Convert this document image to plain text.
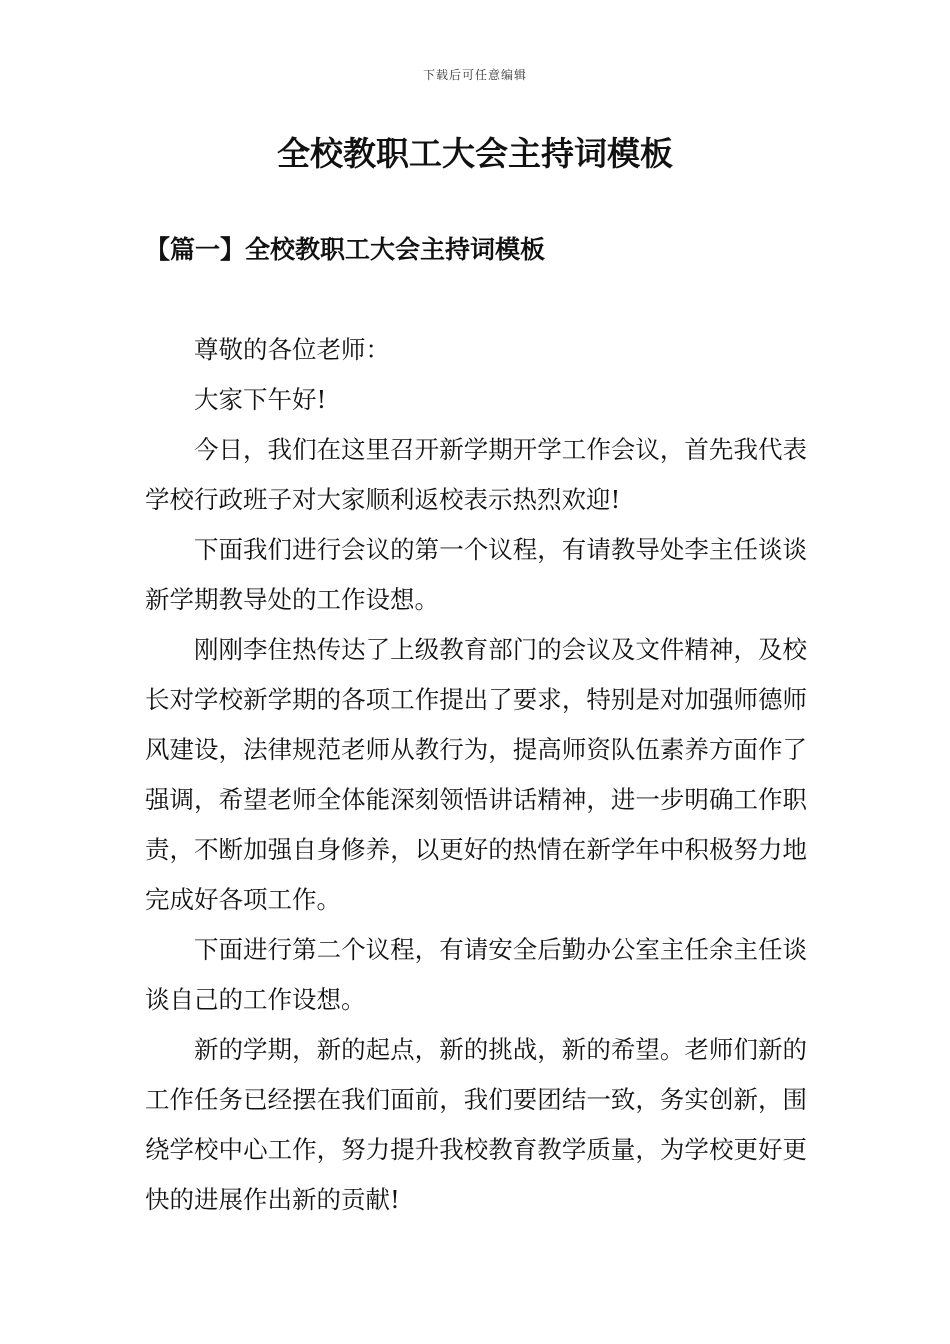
下载后可任意编辑
全校教职工大会主持词模板
【篇一】全校教职工大会主持词模板

尊敬的各位老师：

大家下午好!

今日，我们在这里召开新学期开学工作会议，首先我代表学校行政班子对大家顺利返校表示热烈欢迎!

下面我们进行会议的第一个议程，有请教导处李主任谈谈新学期教导处的工作设想。

刚刚李住热传达了上级教育部门的会议及文件精神，及校长对学校新学期的各项工作提出了要求，特别是对加强师德师风建设，法律规范老师从教行为，提高师资队伍素养方面作了强调，希望老师全体能深刻领悟讲话精神，进一步明确工作职责，不断加强自身修养，以更好的热情在新学年中积极努力地完成好各项工作。

下面进行第二个议程，有请安全后勤办公室主任余主任谈谈自己的工作设想。

新的学期，新的起点，新的挑战，新的希望。老师们新的工作任务已经摆在我们面前，我们要团结一致，务实创新，围绕学校中心工作，努力提升我校教育教学质量，为学校更好更快的进展作出新的贡献!
